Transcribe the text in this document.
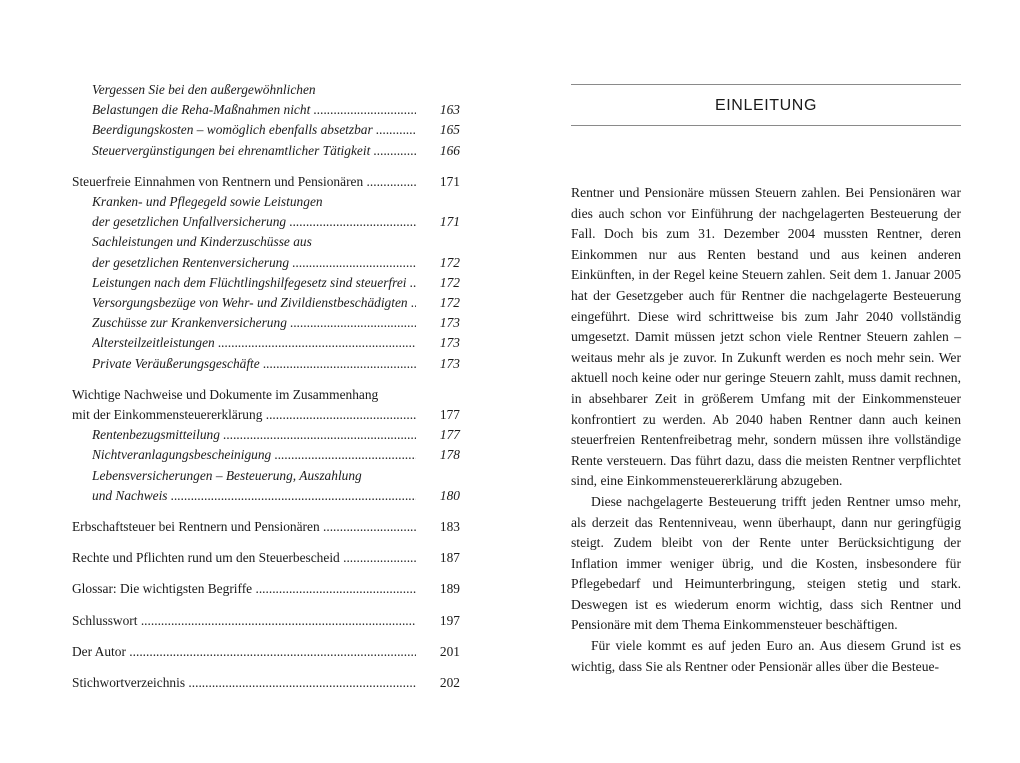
Vergessen Sie bei den außergewöhnlichen
Belastungen die Reha-Maßnahmen nicht .....	163
Beerdigungskosten – womöglich ebenfalls absetzbar .....	165
Steuervergünstigungen bei ehrenamtlicher Tätigkeit .....	166
Steuerfreie Einnahmen von Rentnern und Pensionären .....	171
Kranken- und Pflegegeld sowie Leistungen
der gesetzlichen Unfallversicherung .....	171
Sachleistungen und Kinderzuschüsse aus
der gesetzlichen Rentenversicherung .....	172
Leistungen nach dem Flüchtlingshilfegesetz sind steuerfrei .....	172
Versorgungsbezüge von Wehr- und Zivildienstbeschädigten .....	172
Zuschüsse zur Krankenversicherung .....	173
Altersteilzeitleistungen .....	173
Private Veräußerungsgeschäfte .....	173
Wichtige Nachweise und Dokumente im Zusammenhang
mit der Einkommensteuererklärung .....	177
Rentenbezugsmitteilung .....	177
Nichtveranlagungsbescheinigung .....	178
Lebensversicherungen – Besteuerung, Auszahlung
und Nachweis .....	180
Erbschaftsteuer bei Rentnern und Pensionären .....	183
Rechte und Pflichten rund um den Steuerbescheid .....	187
Glossar: Die wichtigsten Begriffe .....	189
Schlusswort .....	197
Der Autor .....	201
Stichwortverzeichnis .....	202
EINLEITUNG

Rentner und Pensionäre müssen Steuern zahlen. Bei Pensionären war dies auch schon vor Einführung der nachgelagerten Besteuerung der Fall. Doch bis zum 31. Dezember 2004 mussten Rentner, deren Einkommen nur aus Renten bestand und aus keinen anderen Einkünften, in der Regel keine Steuern zahlen. Seit dem 1. Januar 2005 hat der Gesetzgeber auch für Rentner die nachgelagerte Besteuerung eingeführt. Diese wird schrittweise bis zum Jahr 2040 vollständig umgesetzt. Damit müssen jetzt schon viele Rentner Steuern zahlen – weitaus mehr als je zuvor. In Zukunft werden es noch mehr sein. Wer aktuell noch keine oder nur geringe Steuern zahlt, muss damit rechnen, in absehbarer Zeit in größerem Umfang mit der Einkommensteuer konfrontiert zu werden. Ab 2040 haben Rentner dann auch keinen steuerfreien Rentenfreibetrag mehr, sondern müssen ihre vollständige Rente versteuern. Das führt dazu, dass die meisten Rentner verpflichtet sind, eine Einkommensteuererklärung abzugeben.

Diese nachgelagerte Besteuerung trifft jeden Rentner umso mehr, als derzeit das Rentenniveau, wenn überhaupt, dann nur geringfügig steigt. Zudem bleibt von der Rente unter Berücksichtigung der Inflation immer weniger übrig, und die Kosten, insbesondere für Pflegebedarf und Heimunterbringung, steigen stetig und stark. Deswegen ist es wiederum enorm wichtig, dass sich Rentner und Pensionäre mit dem Thema Einkommensteuer beschäftigen.

Für viele kommt es auf jeden Euro an. Aus diesem Grund ist es wichtig, dass Sie als Rentner oder Pensionär alles über die Besteue-
